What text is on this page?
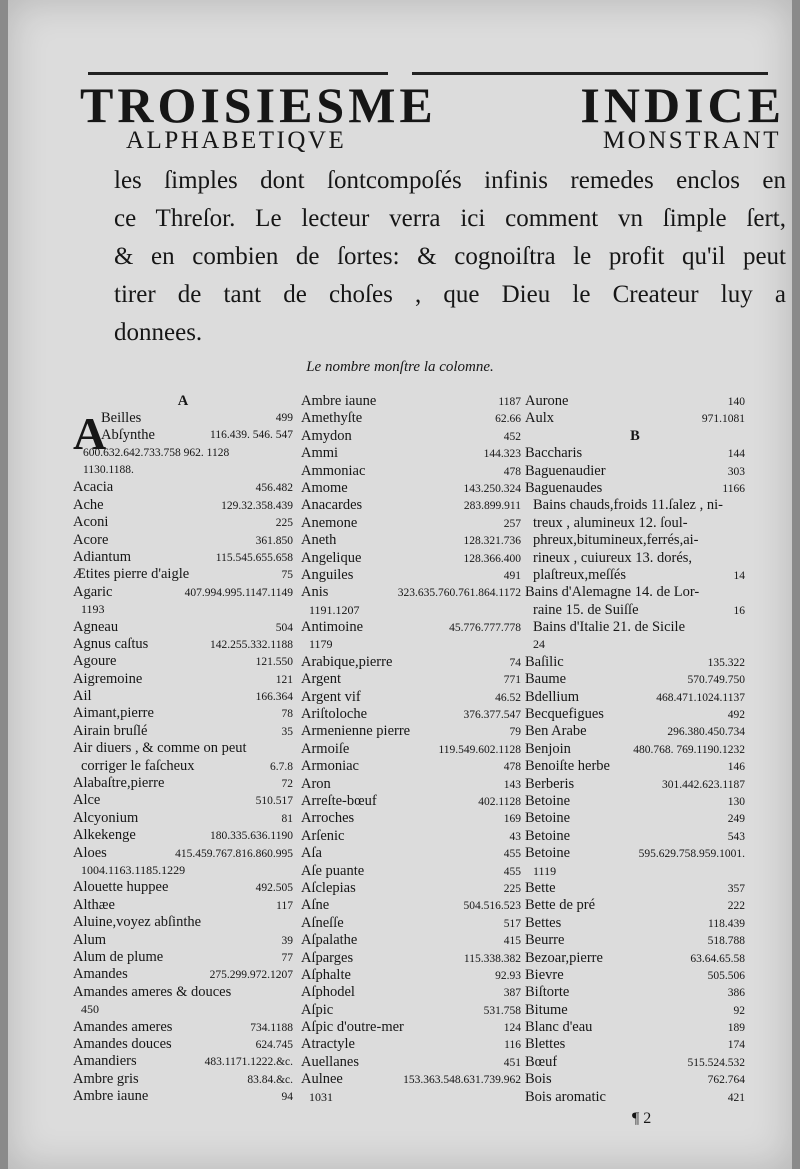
TROISIESME INDICE
ALPHABETIQVE MONSTRANT
les ſimples dont ſontcompoſés infinis remedes enclos en
ce Threſor. Le lecteur verra ici comment vn ſimple ſert,
& en combien de ſortes: & cognoiſtra le profit qu'il peut
tirer de tant de choſes , que Dieu le Createur luy a
donnees.
Le nombre monſtre la colomne.
A
A
Beilles	499
Abſynthe	116.439. 546. 547
600.632.642.733.758 962. 1128
1130.1188.
Acacia	456.482
Ache	129.32.358.439
Aconi	225
Acore	361.850
Adiantum	115.545.655.658
Ætites pierre d'aigle	75
Agaric	407.994.995.1147.1149
1193
Agneau	504
Agnus caſtus	142.255.332.1188
Agoure	121.550
Aigremoine	121
Ail	166.364
Aimant,pierre	78
Airain bruſlé	35
Air diuers , & comme on peut
corriger le faſcheux	6.7.8
Alabaſtre,pierre	72
Alce	510.517
Alcyonium	81
Alkekenge	180.335.636.1190
Aloes	415.459.767.816.860.995
1004.1163.1185.1229
Alouette huppee	492.505
Althæe	117
Aluine,voyez abſinthe
Alum	39
Alum de plume	77
Amandes	275.299.972.1207
Amandes ameres & douces
450
Amandes ameres	734.1188
Amandes douces	624.745
Amandiers	483.1171.1222.&c.
Ambre gris	83.84.&c.
Ambre iaune	94
Ambre iaune	1187
Amethyſte	62.66
Amydon	452
Ammi	144.323
Ammoniac	478
Amome	143.250.324
Anacardes	283.899.911
Anemone	257
Aneth	128.321.736
Angelique	128.366.400
Anguiles	491
Anis	323.635.760.761.864.1172
1191.1207
Antimoine	45.776.777.778
1179
Arabique,pierre	74
Argent	771
Argent vif	46.52
Ariſtoloche	376.377.547
Armenienne pierre	79
Armoiſe	119.549.602.1128
Armoniac	478
Aron	143
Arreſte-bœuf	402.1128
Arroches	169
Arſenic	43
Aſa	455
Aſe puante	455
Aſclepias	225
Aſne	504.516.523
Aſneſſe	517
Aſpalathe	415
Aſparges	115.338.382
Aſphalte	92.93
Aſphodel	387
Aſpic	531.758
Aſpic d'outre-mer	124
Atractyle	116
Auellanes	451
Aulnee	153.363.548.631.739.962
1031
Aurone	140
Aulx	971.1081
B
Baccharis	144
Baguenaudier	303
Baguenaudes	1166
Bains chauds,froids 11.ſalez , ni-
treux , alumineux 12. ſoul-
phreux,bitumineux,ferrés,ai-
rineux , cuiureux 13. dorés,
plaſtreux,meſſés	14
Bains d'Alemagne 14. de Lor-
raine 15. de Suiſſe	16
Bains d'Italie 21. de Sicile
24
Baſilic	135.322
Baume	570.749.750
Bdellium	468.471.1024.1137
Becquefigues	492
Ben Arabe	296.380.450.734
Benjoin	480.768. 769.1190.1232
Benoiſte herbe	146
Berberis	301.442.623.1187
Betoine	130
Betoine	249
Betoine	543
Betoine	595.629.758.959.1001.
1119
Bette	357
Bette de pré	222
Bettes	118.439
Beurre	518.788
Bezoar,pierre	63.64.65.58
Bievre	505.506
Biſtorte	386
Bitume	92
Blanc d'eau	189
Blettes	174
Bœuf	515.524.532
Bois	762.764
Bois aromatic	421
¶ 2
